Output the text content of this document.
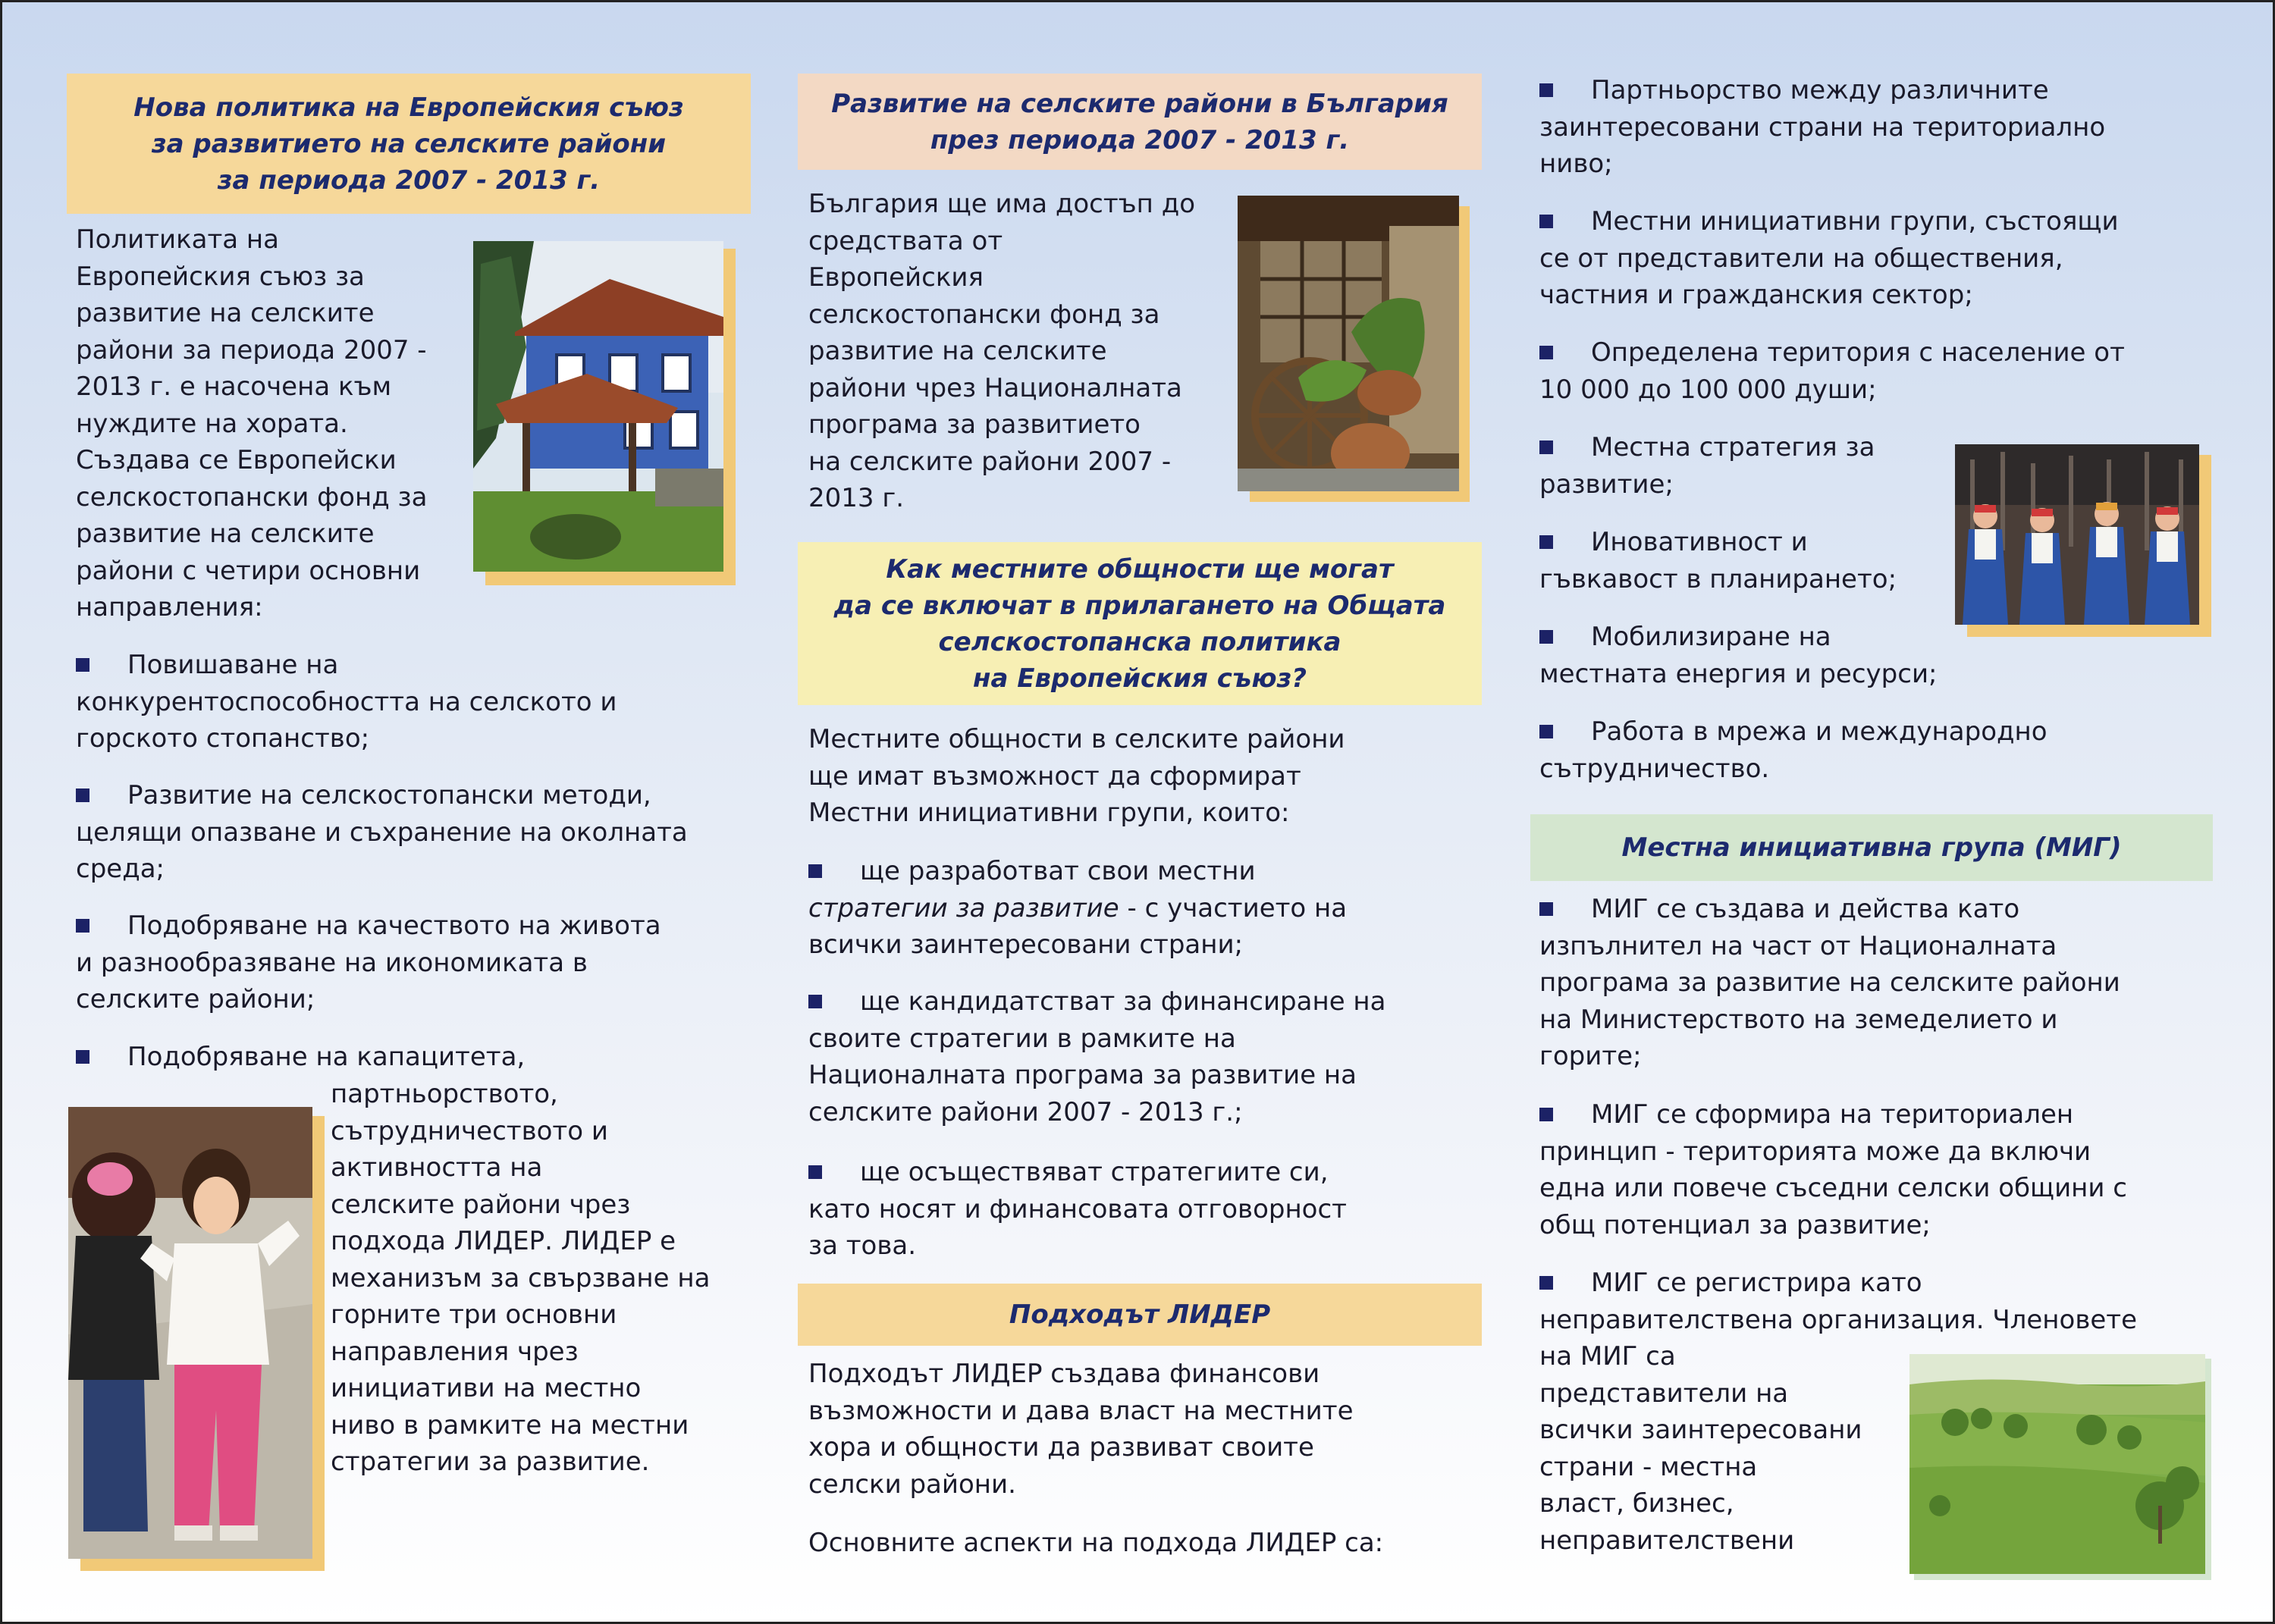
Нова политика на Европейския съюз
за развитието на селските райони
за периода 2007 - 2013 г.

Политиката на

Европейския съюз за

развитие на селските

райони за периода 2007 -

2013 г. е насочена към

нуждите на хората.

Създава се Европейски

селскостопански фонд за

развитие на селските

райони с четири основни

направления:

Повишаване на
конкурентоспособността на селското и
горското стопанство;
Развитие на селскостопански методи,
целящи опазване и съхранение на околната
среда;
Подобряване на качеството на живота
и разнообразяване на икономиката в
селските райони;
Подобряване на капацитета,

партньорството,

сътрудничеството и

активността на

селските райони чрез

подхода ЛИДЕР. ЛИДЕР е

механизъм за свързване на

горните три основни

направления чрез

инициативи на местно

ниво в рамките на местни

стратегии за развитие.

Развитие на селските райони в България
през периода 2007 - 2013 г.

България ще има достъп до

средствата от

Европейския

селскостопански фонд за

развитие на селските

райони чрез Националната

програма за развитието

на селските райони 2007 -

2013 г.

Как местните общности ще могат
да се включат в прилагането на Общата
селскостопанска политика
на Европейския съюз?

Местните общности в селските райони

ще имат възможност да сформират

Местни инициативни групи, които:

ще разработват свои местни
стратегии за развитие - с участието на
всички заинтересовани страни;
ще кандидатстват за финансиране на
своите стратегии в рамките на
Националната програма за развитие на
селските райони 2007 - 2013 г.;
ще осъществяват стратегиите си,
като носят и финансовата отговорност
за това.
Подходът ЛИДЕР

Подходът ЛИДЕР създава финансови

възможности и дава власт на местните

хора и общности да развиват своите

селски райони.

Основните аспекти на подхода ЛИДЕР са:

Партньорство между различните
заинтересовани страни на териториално
ниво;
Местни инициативни групи, състоящи
се от представители на обществения,
частния и гражданския сектор;
Определена територия с население от
10 000 до 100 000 души;
Местна стратегия за
развитие;
Иновативност и
гъвкавост в планирането;
Мобилизиране на
местната енергия и ресурси;
Работа в мрежа и международно
сътрудничество.
Местна инициативна група (МИГ)
МИГ се създава и действа като
изпълнител на част от Националната
програма за развитие на селските райони
на Министерството на земеделието и
горите;
МИГ се сформира на териториален
принцип - територията може да включи
една или повече съседни селски общини с
общ потенциал за развитие;
МИГ се регистрира като
неправителствена организация. Членовете

на МИГ са

представители на

всички заинтересовани

страни - местна

власт, бизнес,

неправителствени
